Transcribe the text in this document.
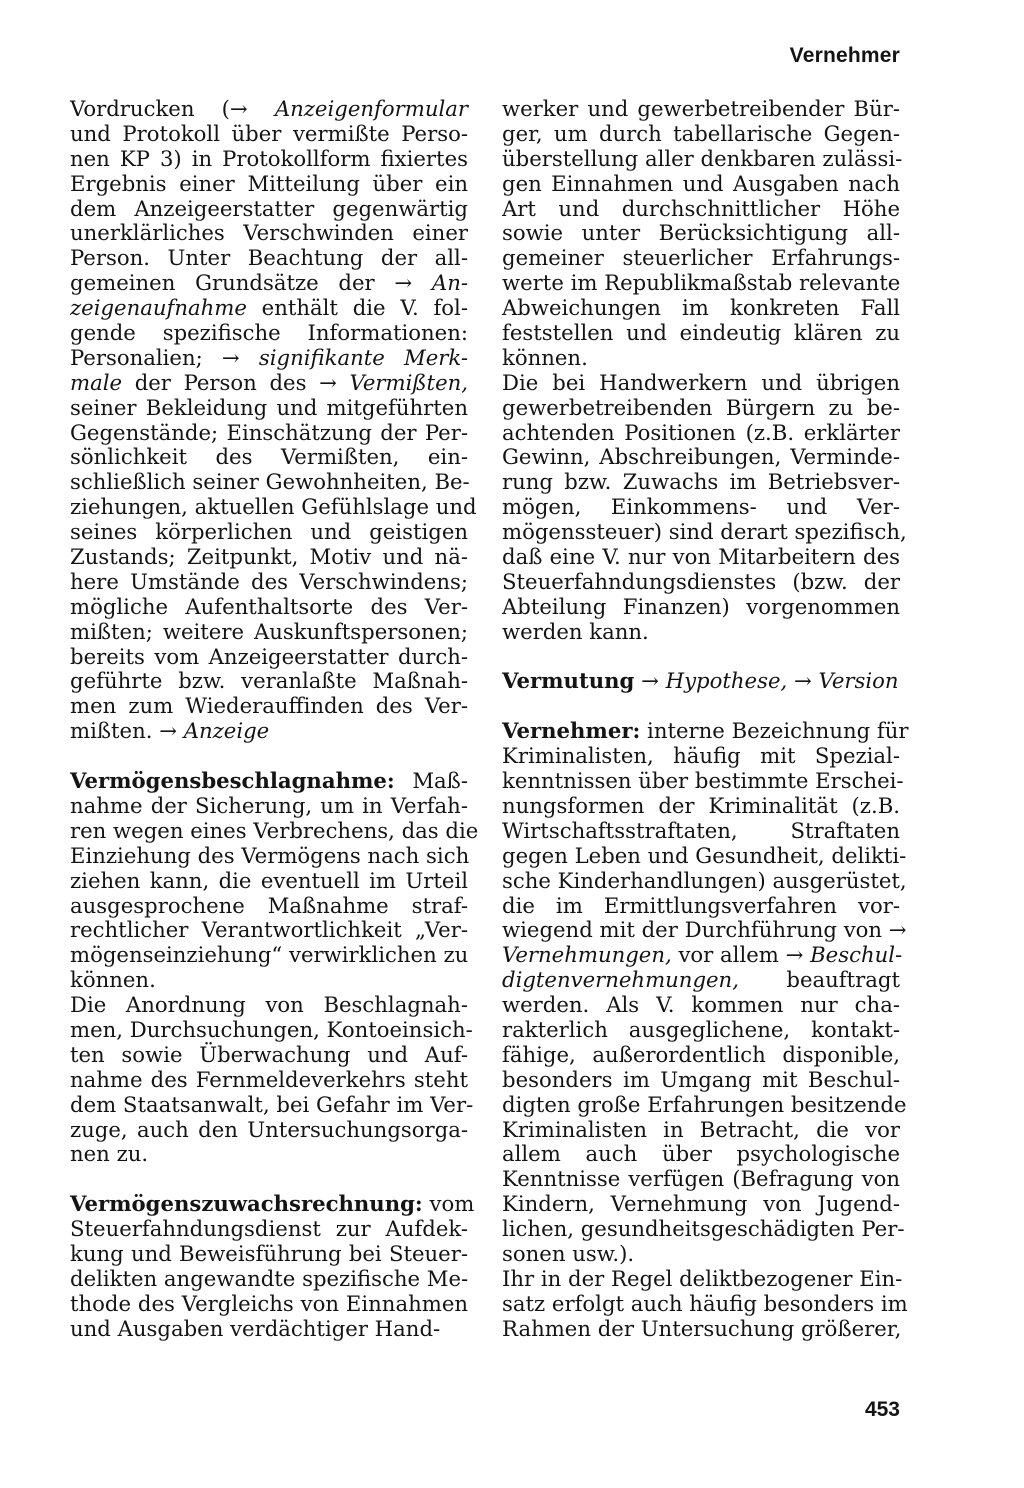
Vernehmer
Vordrucken (→ Anzeigenformular
und Protokoll über vermißte Perso-
nen KP 3) in Protokollform fixiertes
Ergebnis einer Mitteilung über ein
dem Anzeigeerstatter gegenwärtig
unerklärliches Verschwinden einer
Person. Unter Beachtung der all-
gemeinen Grundsätze der → An-
zeigenaufnahme enthält die V. fol-
gende spezifische Informationen:
Personalien; → signifikante Merk-
male der Person des → Vermißten,
seiner Bekleidung und mitgeführten
Gegenstände; Einschätzung der Per-
sönlichkeit des Vermißten, ein-
schließlich seiner Gewohnheiten, Be-
ziehungen, aktuellen Gefühlslage und
seines körperlichen und geistigen
Zustands; Zeitpunkt, Motiv und nä-
here Umstände des Verschwindens;
mögliche Aufenthaltsorte des Ver-
mißten; weitere Auskunftspersonen;
bereits vom Anzeigeerstatter durch-
geführte bzw. veranlaßte Maßnah-
men zum Wiederauffinden des Ver-
mißten. → Anzeige
Vermögensbeschlagnahme: Maß-
nahme der Sicherung, um in Verfah-
ren wegen eines Verbrechens, das die
Einziehung des Vermögens nach sich
ziehen kann, die eventuell im Urteil
ausgesprochene Maßnahme straf-
rechtlicher Verantwortlichkeit „Ver-
mögenseinziehung“ verwirklichen zu
können.
Die Anordnung von Beschlagnah-
men, Durchsuchungen, Kontoeinsich-
ten sowie Überwachung und Auf-
nahme des Fernmeldeverkehrs steht
dem Staatsanwalt, bei Gefahr im Ver-
zuge, auch den Untersuchungsorga-
nen zu.
Vermögenszuwachsrechnung: vom
Steuerfahndungsdienst zur Aufdek-
kung und Beweisführung bei Steuer-
delikten angewandte spezifische Me-
thode des Vergleichs von Einnahmen
und Ausgaben verdächtiger Hand-
werker und gewerbetreibender Bür-
ger, um durch tabellarische Gegen-
überstellung aller denkbaren zulässi-
gen Einnahmen und Ausgaben nach
Art und durchschnittlicher Höhe
sowie unter Berücksichtigung all-
gemeiner steuerlicher Erfahrungs-
werte im Republikmaßstab relevante
Abweichungen im konkreten Fall
feststellen und eindeutig klären zu
können.
Die bei Handwerkern und übrigen
gewerbetreibenden Bürgern zu be-
achtenden Positionen (z.B. erklärter
Gewinn, Abschreibungen, Verminde-
rung bzw. Zuwachs im Betriebsver-
mögen, Einkommens- und Ver-
mögenssteuer) sind derart spezifisch,
daß eine V. nur von Mitarbeitern des
Steuerfahndungsdienstes (bzw. der
Abteilung Finanzen) vorgenommen
werden kann.
Vermutung → Hypothese, → Version
Vernehmer: interne Bezeichnung für
Kriminalisten, häufig mit Spezial-
kenntnissen über bestimmte Erschei-
nungsformen der Kriminalität (z.B.
Wirtschaftsstraftaten, Straftaten
gegen Leben und Gesundheit, delikti-
sche Kinderhandlungen) ausgerüstet,
die im Ermittlungsverfahren vor-
wiegend mit der Durchführung von →
Vernehmungen, vor allem → Beschul-
digtenvernehmungen, beauftragt
werden. Als V. kommen nur cha-
rakterlich ausgeglichene, kontakt-
fähige, außerordentlich disponible,
besonders im Umgang mit Beschul-
digten große Erfahrungen besitzende
Kriminalisten in Betracht, die vor
allem auch über psychologische
Kenntnisse verfügen (Befragung von
Kindern, Vernehmung von Jugend-
lichen, gesundheitsgeschädigten Per-
sonen usw.).
Ihr in der Regel deliktbezogener Ein-
satz erfolgt auch häufig besonders im
Rahmen der Untersuchung größerer,
453
